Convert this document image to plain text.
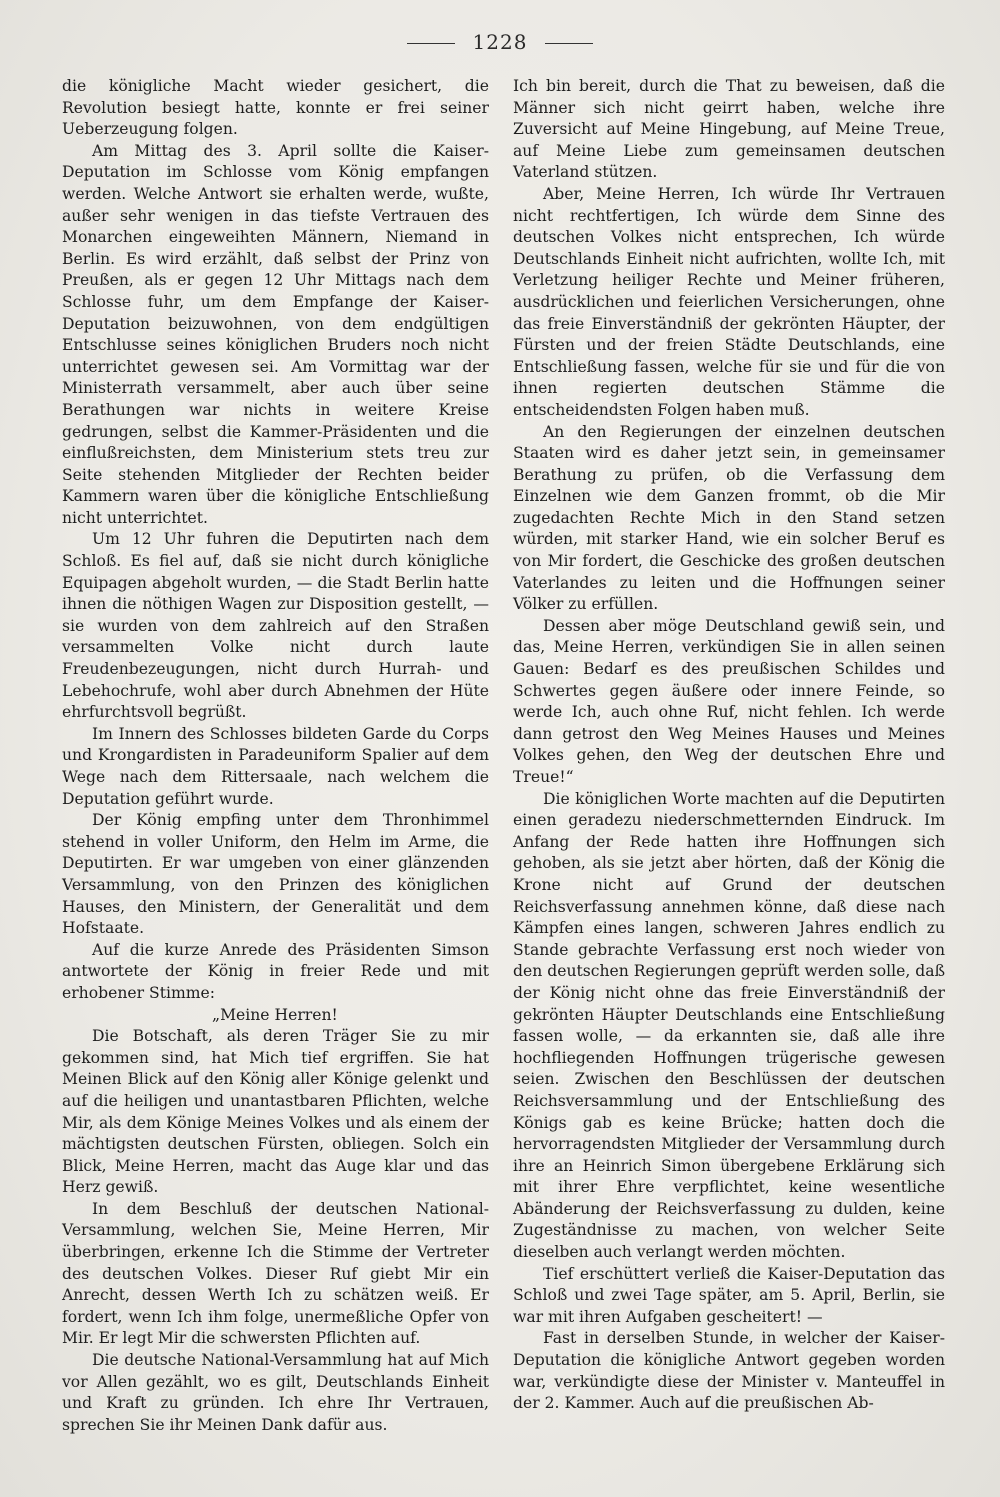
1228

die königliche Macht wieder gesichert, die Revolution besiegt hatte, konnte er frei seiner Ueberzeugung folgen.

Am Mittag des 3. April sollte die Kaiser-Deputation im Schlosse vom König empfangen werden. Welche Antwort sie erhalten werde, wußte, außer sehr wenigen in das tiefste Vertrauen des Monarchen eingeweihten Männern, Niemand in Berlin. Es wird erzählt, daß selbst der Prinz von Preußen, als er gegen 12 Uhr Mittags nach dem Schlosse fuhr, um dem Empfange der Kaiser-Deputation beizuwohnen, von dem endgültigen Entschlusse seines königlichen Bruders noch nicht unterrichtet gewesen sei. Am Vormittag war der Ministerrath versammelt, aber auch über seine Berathungen war nichts in weitere Kreise gedrungen, selbst die Kammer-Präsidenten und die einflußreichsten, dem Ministerium stets treu zur Seite stehenden Mitglieder der Rechten beider Kammern waren über die königliche Entschließung nicht unterrichtet.

Um 12 Uhr fuhren die Deputirten nach dem Schloß. Es fiel auf, daß sie nicht durch königliche Equipagen abgeholt wurden, — die Stadt Berlin hatte ihnen die nöthigen Wagen zur Disposition gestellt, — sie wurden von dem zahlreich auf den Straßen versammelten Volke nicht durch laute Freudenbezeugungen, nicht durch Hurrah- und Lebehochrufe, wohl aber durch Abnehmen der Hüte ehrfurchtsvoll begrüßt.

Im Innern des Schlosses bildeten Garde du Corps und Krongardisten in Paradeuniform Spalier auf dem Wege nach dem Rittersaale, nach welchem die Deputation geführt wurde.

Der König empfing unter dem Thronhimmel stehend in voller Uniform, den Helm im Arme, die Deputirten. Er war umgeben von einer glänzenden Versammlung, von den Prinzen des königlichen Hauses, den Ministern, der Generalität und dem Hofstaate.

Auf die kurze Anrede des Präsidenten Simson antwortete der König in freier Rede und mit erhobener Stimme:

„Meine Herren!

Die Botschaft, als deren Träger Sie zu mir gekommen sind, hat Mich tief ergriffen. Sie hat Meinen Blick auf den König aller Könige gelenkt und auf die heiligen und unantastbaren Pflichten, welche Mir, als dem Könige Meines Volkes und als einem der mächtigsten deutschen Fürsten, obliegen. Solch ein Blick, Meine Herren, macht das Auge klar und das Herz gewiß.

In dem Beschluß der deutschen National-Versammlung, welchen Sie, Meine Herren, Mir überbringen, erkenne Ich die Stimme der Vertreter des deutschen Volkes. Dieser Ruf giebt Mir ein Anrecht, dessen Werth Ich zu schätzen weiß. Er fordert, wenn Ich ihm folge, unermeßliche Opfer von Mir. Er legt Mir die schwersten Pflichten auf.

Die deutsche National-Versammlung hat auf Mich vor Allen gezählt, wo es gilt, Deutschlands Einheit und Kraft zu gründen. Ich ehre Ihr Vertrauen, sprechen Sie ihr Meinen Dank dafür aus.

Ich bin bereit, durch die That zu beweisen, daß die Männer sich nicht geirrt haben, welche ihre Zuversicht auf Meine Hingebung, auf Meine Treue, auf Meine Liebe zum gemeinsamen deutschen Vaterland stützen.

Aber, Meine Herren, Ich würde Ihr Vertrauen nicht rechtfertigen, Ich würde dem Sinne des deutschen Volkes nicht entsprechen, Ich würde Deutschlands Einheit nicht aufrichten, wollte Ich, mit Verletzung heiliger Rechte und Meiner früheren, ausdrücklichen und feierlichen Versicherungen, ohne das freie Einverständniß der gekrönten Häupter, der Fürsten und der freien Städte Deutschlands, eine Entschließung fassen, welche für sie und für die von ihnen regierten deutschen Stämme die entscheidendsten Folgen haben muß.

An den Regierungen der einzelnen deutschen Staaten wird es daher jetzt sein, in gemeinsamer Berathung zu prüfen, ob die Verfassung dem Einzelnen wie dem Ganzen frommt, ob die Mir zugedachten Rechte Mich in den Stand setzen würden, mit starker Hand, wie ein solcher Beruf es von Mir fordert, die Geschicke des großen deutschen Vaterlandes zu leiten und die Hoffnungen seiner Völker zu erfüllen.

Dessen aber möge Deutschland gewiß sein, und das, Meine Herren, verkündigen Sie in allen seinen Gauen: Bedarf es des preußischen Schildes und Schwertes gegen äußere oder innere Feinde, so werde Ich, auch ohne Ruf, nicht fehlen. Ich werde dann getrost den Weg Meines Hauses und Meines Volkes gehen, den Weg der deutschen Ehre und Treue!“

Die königlichen Worte machten auf die Deputirten einen geradezu niederschmetternden Eindruck. Im Anfang der Rede hatten ihre Hoffnungen sich gehoben, als sie jetzt aber hörten, daß der König die Krone nicht auf Grund der deutschen Reichsverfassung annehmen könne, daß diese nach Kämpfen eines langen, schweren Jahres endlich zu Stande gebrachte Verfassung erst noch wieder von den deutschen Regierungen geprüft werden solle, daß der König nicht ohne das freie Einverständniß der gekrönten Häupter Deutschlands eine Entschließung fassen wolle, — da erkannten sie, daß alle ihre hochfliegenden Hoffnungen trügerische gewesen seien. Zwischen den Beschlüssen der deutschen Reichsversammlung und der Entschließung des Königs gab es keine Brücke; hatten doch die hervorragendsten Mitglieder der Versammlung durch ihre an Heinrich Simon übergebene Erklärung sich mit ihrer Ehre verpflichtet, keine wesentliche Abänderung der Reichsverfassung zu dulden, keine Zugeständnisse zu machen, von welcher Seite dieselben auch verlangt werden möchten.

Tief erschüttert verließ die Kaiser-Deputation das Schloß und zwei Tage später, am 5. April, Berlin, sie war mit ihren Aufgaben gescheitert! —

Fast in derselben Stunde, in welcher der Kaiser-Deputation die königliche Antwort gegeben worden war, verkündigte diese der Minister v. Manteuffel in der 2. Kammer. Auch auf die preußischen Ab-
